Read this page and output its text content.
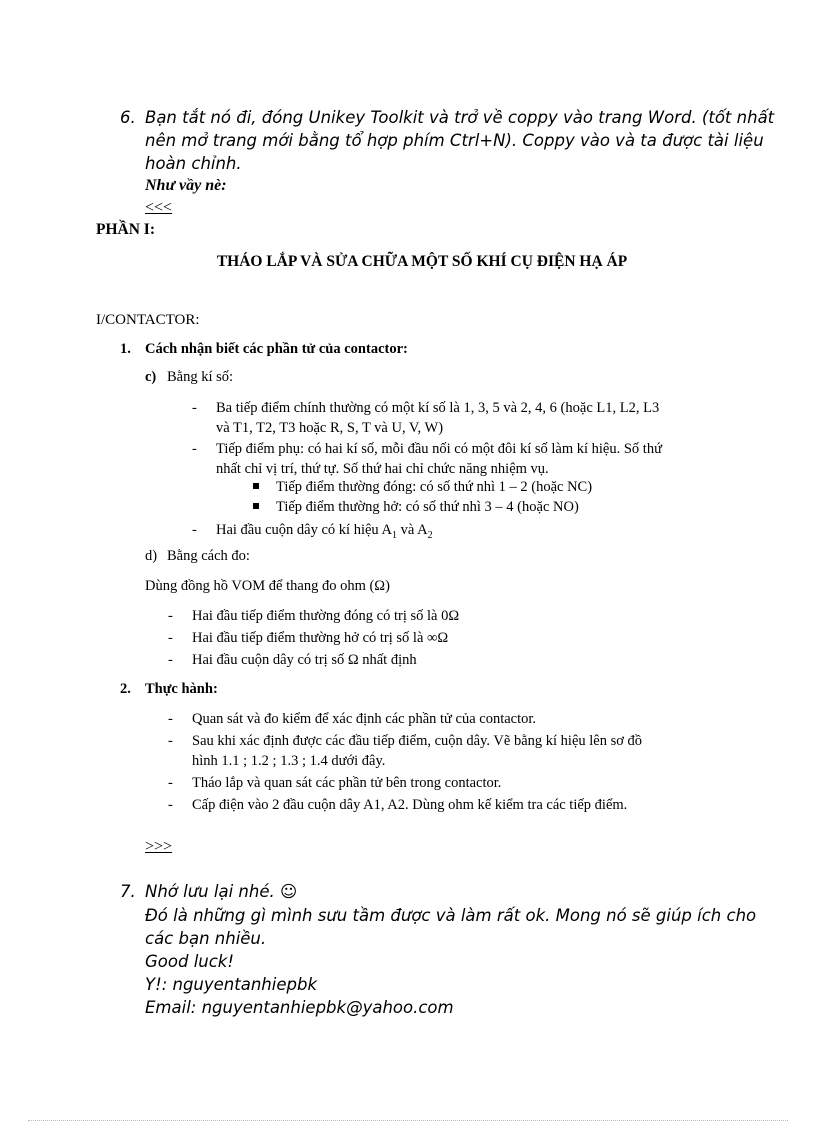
6. Bạn tắt nó đi, đóng Unikey Toolkit và trở về coppy vào trang Word. (tốt nhất
nên mở trang mới bằng tổ hợp phím Ctrl+N). Coppy vào và ta được tài liệu
hoàn chỉnh.
Như vầy nè:
<<<
PHẦN I:
THÁO LẮP VÀ SỬA CHỮA MỘT SỐ KHÍ CỤ ĐIỆN HẠ ÁP
I/CONTACTOR:
1. Cách nhận biết các phần tử của contactor:
c) Bằng kí số:
- Ba tiếp điểm chính thường có một kí số là 1, 3, 5 và 2, 4, 6 (hoặc L1, L2, L3
và T1, T2, T3 hoặc R, S, T và U, V, W)
- Tiếp điểm phụ: có hai kí số, mỗi đầu nối có một đôi kí số làm kí hiệu. Số thứ
nhất chỉ vị trí, thứ tự. Số thứ hai chỉ chức năng nhiệm vụ.
Tiếp điểm thường đóng: có số thứ nhì 1 – 2 (hoặc NC)
Tiếp điểm thường hở: có số thứ nhì 3 – 4 (hoặc NO)
- Hai đầu cuộn dây có kí hiệu $A_1$ và $A_2$
d) Bằng cách đo:
Dùng đồng hồ VOM để thang đo ohm (Ω)
- Hai đầu tiếp điểm thường đóng có trị số là 0Ω
- Hai đầu tiếp điểm thường hở có trị số là ∞Ω
- Hai đầu cuộn dây có trị số Ω nhất định
2. Thực hành:
- Quan sát và đo kiểm để xác định các phần tử của contactor.
- Sau khi xác định được các đầu tiếp điểm, cuộn dây. Vẽ bằng kí hiệu lên sơ đồ
hình 1.1 ; 1.2 ; 1.3 ; 1.4 dưới đây.
- Tháo lắp và quan sát các phần tử bên trong contactor.
- Cấp điện vào 2 đầu cuộn dây A1, A2. Dùng ohm kế kiểm tra các tiếp điểm.
>>>
7. Nhớ lưu lại nhé. ☺
Đó là những gì mình sưu tầm được và làm rất ok. Mong nó sẽ giúp ích cho
các bạn nhiều.
Good luck!
Y!: nguyentanhiepbk
Email: nguyentanhiepbk@yahoo.com
